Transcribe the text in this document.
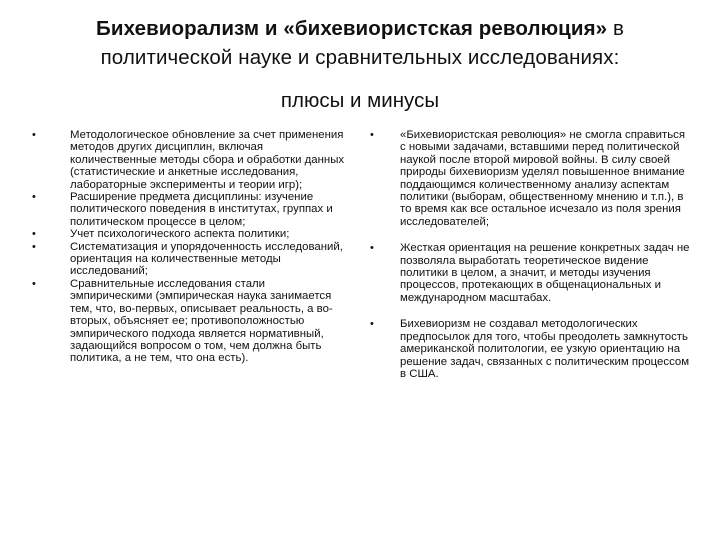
Бихевиорализм и «бихевиористская революция» в
политической науке и сравнительных исследованиях:
плюсы и минусы
• Методологическое обновление за счет применения методов других дисциплин, включая количественные методы сбора и обработки данных (статистические и анкетные исследования, лабораторные эксперименты и теории игр);
• Расширение предмета дисциплины: изучение политического поведения в институтах, группах и политическом процессе в целом;
• Учет психологического аспекта политики;
• Систематизация и упорядоченность исследований, ориентация на количественные методы исследований;
• Сравнительные исследования стали эмпирическими (эмпирическая наука занимается тем, что, во-первых, описывает реальность, а во-вторых, объясняет ее; противоположностью эмпирического подхода является нормативный, задающийся вопросом о том, чем должна быть политика, а не тем, что она есть).
• «Бихевиористская революция» не смогла справиться с новыми задачами, вставшими перед политической наукой после второй мировой войны. В силу своей природы бихевиоризм уделял повышенное внимание поддающимся количественному анализу аспектам политики (выборам, общественному мнению и т.п.), в то время как все остальное исчезало из поля зрения исследователей;
• Жесткая ориентация на решение конкретных задач не позволяла выработать теоретическое видение политики в целом, а значит, и методы изучения процессов, протекающих в общенациональных и международном масштабах.
• Бихевиоризм не создавал методологических предпосылок для того, чтобы преодолеть замкнутость американской политологии, ее узкую ориентацию на решение задач, связанных с политическим процессом в США.
